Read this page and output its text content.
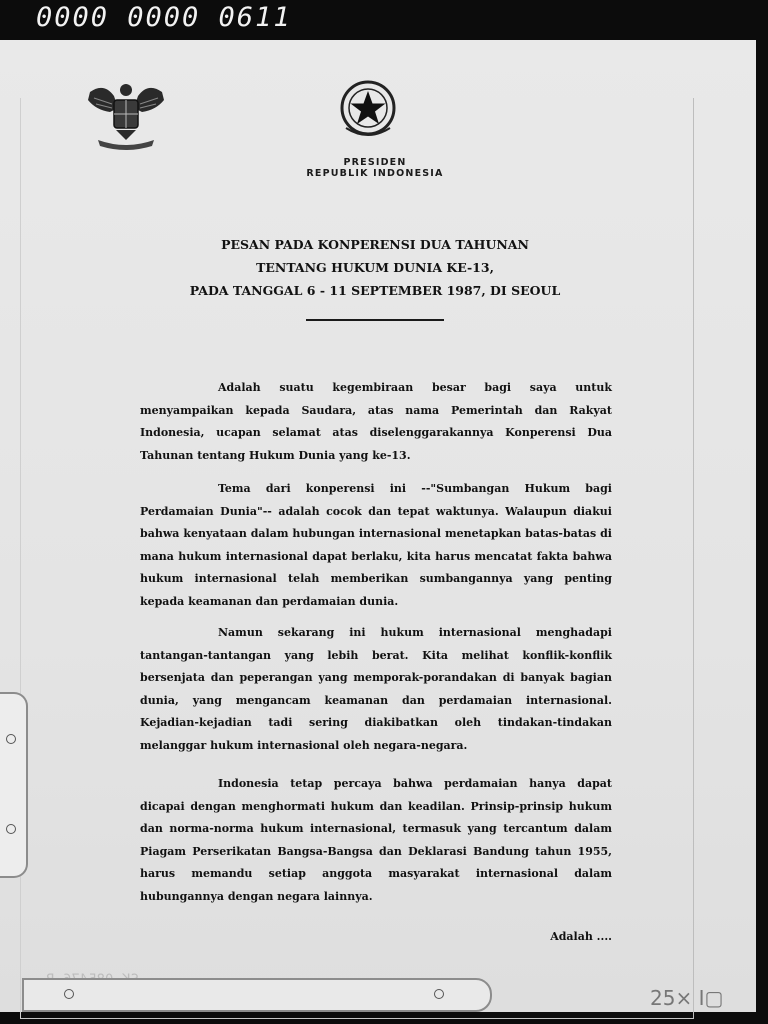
0000 0000 0611
PRESIDEN
REPUBLIK INDONESIA
PESAN PADA KONPERENSI DUA TAHUNAN
TENTANG HUKUM DUNIA KE-13,
PADA TANGGAL 6 - 11 SEPTEMBER 1987, DI SEOUL
Adalah suatu kegembiraan besar bagi saya untuk menyampaikan kepada Saudara, atas nama Pemerintah dan Rakyat Indonesia, ucapan selamat atas diselenggarakannya Konperensi Dua Tahunan tentang Hukum Dunia yang ke-13.
Tema dari konperensi ini --"Sumbangan Hukum bagi Perdamaian Dunia"-- adalah cocok dan tepat waktunya. Walaupun diakui bahwa kenyataan dalam hubungan internasional menetapkan batas-batas di mana hukum internasional dapat berlaku, kita harus mencatat fakta bahwa hukum internasional telah memberikan sumbangannya yang penting kepada keamanan dan perdamaian dunia.
Namun sekarang ini hukum internasional menghadapi tantangan-tantangan yang lebih berat. Kita melihat konflik-konflik bersenjata dan peperangan yang memporak-porandakan di banyak bagian dunia, yang mengancam keamanan dan perdamaian internasional. Kejadian-kejadian tadi sering diakibatkan oleh tindakan-tindakan melanggar hukum internasional oleh negara-negara.
Indonesia tetap percaya bahwa perdamaian hanya dapat dicapai dengan menghormati hukum dan keadilan. Prinsip-prinsip hukum dan norma-norma hukum internasional, termasuk yang tercantum dalam Piagam Perserikatan Bangsa-Bangsa dan Deklarasi Bandung tahun 1955, harus memandu setiap anggota masyarakat internasional dalam hubungannya dengan negara lainnya.
Adalah ....
25× I▢
